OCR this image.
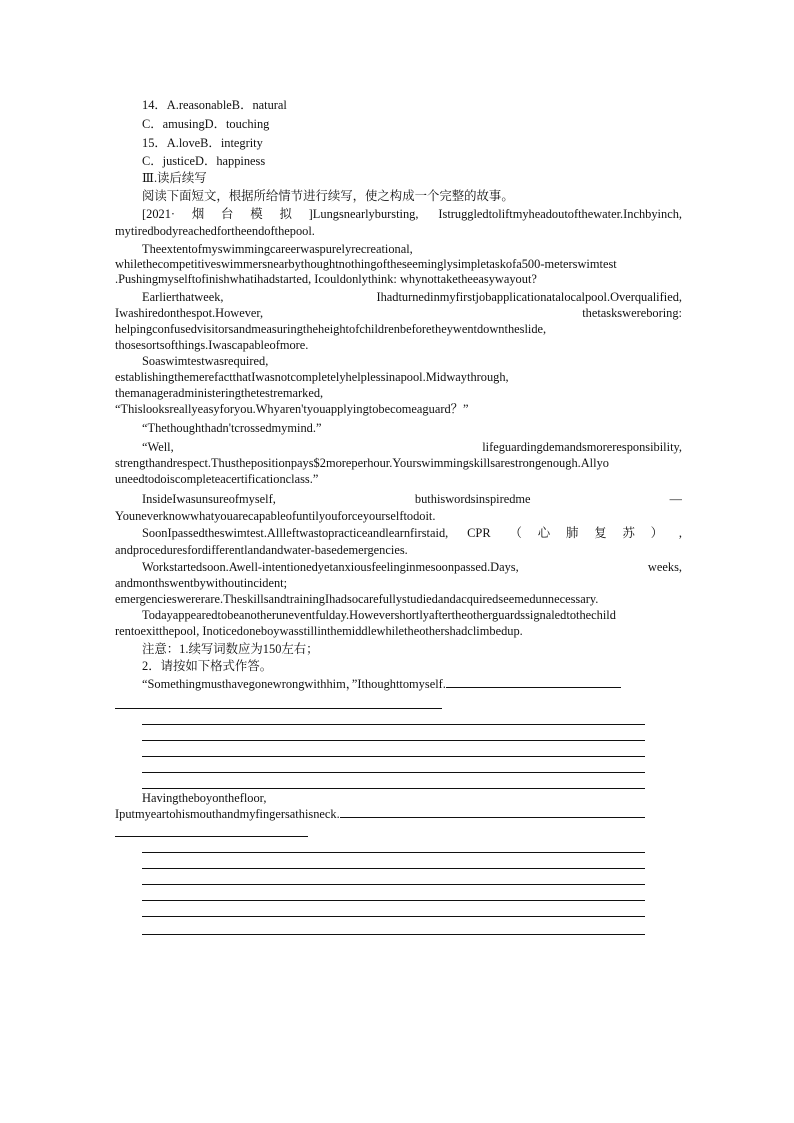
14．A.reasonableB．natural
C．amusingD．touching
15．A.loveB．integrity
C．justiceD．happiness
Ⅲ.读后续写
阅读下面短文，根据所给情节进行续写，使之构成一个完整的故事。
[2021·烟台模拟]Lungsnearlybursting, Istruggledtoliftmyheadoutofthewater.Inchbyinch,
mytiredbodyreachedfortheendofthepool.
Theextentofmyswimmingcareerwaspurelyrecreational,
whilethecompetitiveswimmersnearbythoughtnothingoftheseeminglysimpletaskofa500-meterswimtest
.Pushingmyselftofinishwhatihadstarted, Icouldonlythink: whynottaketheeasywayout?
Earlierthatweek, Ihadturnedinmyfirstjobapplicationatalocalpool.Overqualified,
Iwashiredonthespot.However, thetaskswereboring:
helpingconfusedvisitorsandmeasuringtheheightofchildrenbeforetheywentdowntheslide,
thosesortsofthings.Iwascapableofmore.
Soaswimtestwasrequired,
establishingthemerefactthatIwasnotcompletelyhelplessinapool.Midwaythrough,
themanageradministeringthetestremarked,
“Thislooksreallyeasyforyou.Whyaren'tyouapplyingtobecomeaguard？”
“Thethoughthadn'tcrossedmymind.”
“Well, lifeguardingdemandsmoreresponsibility,
strengthandrespect.Thusthepositionpays$2moreperhour.Yourswimmingskillsarestrongenough.Allyo
uneedtodoiscompleteacertificationclass.”
InsideIwasunsureofmyself, buthiswordsinspiredme —
Youneverknowwhatyouarecapableofuntilyouforceyourselftodoit.
SoonIpassedtheswimtest.Allleftwastopracticeandlearnfirstaid, CPR （心肺复苏）,
andproceduresfordifferentlandandwater-basedemergencies.
Workstartedsoon.Awell-intentionedyetanxiousfeelinginmesoonpassed.Days, weeks,
andmonthswentbywithoutincident;
emergencieswererare.TheskillsandtrainingIhadsocarefullystudiedandacquiredseemedunnecessary.
Todayappearedtobeanotheruneventfulday.Howevershortlyaftertheotherguardssignaledtothechild
rentoexitthepool, Inoticedoneboywasstillinthemiddlewhiletheothershadclimbedup.
注意：1.续写词数应为150左右；
2．请按如下格式作答。
“Somethingmusthavegonewrongwithhim，”Ithoughttomyself.
Havingtheboyonthefloor,
Iputmyeartohismouthandmyfingersathisneck.
